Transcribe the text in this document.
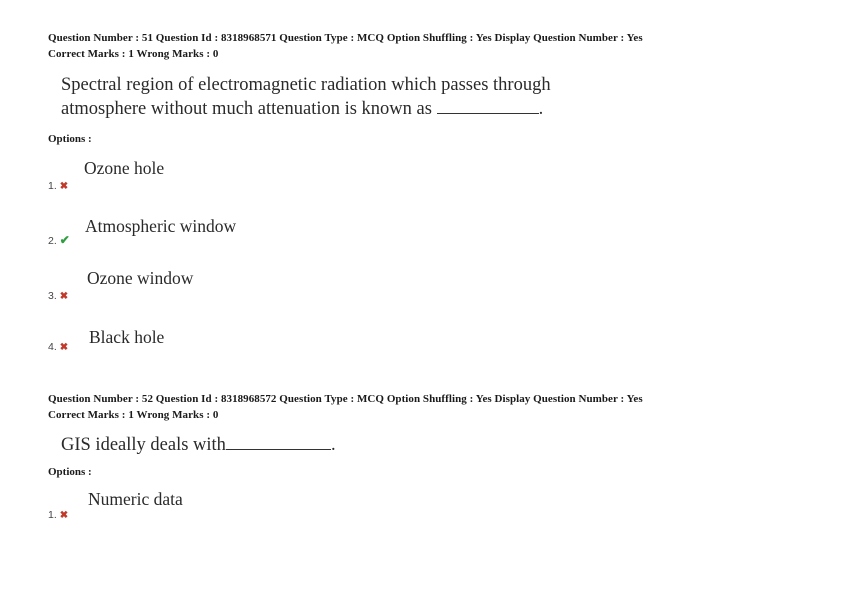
Question Number : 51 Question Id : 8318968571 Question Type : MCQ Option Shuffling : Yes Display Question Number : Yes
Correct Marks : 1 Wrong Marks : 0
Spectral region of electromagnetic radiation which passes through
atmosphere without much attenuation is known as	.
Options :
Ozone hole
1. ✖
Atmospheric window
2. ✔
Ozone window
3. ✖
Black hole
4. ✖
Question Number : 52 Question Id : 8318968572 Question Type : MCQ Option Shuffling : Yes Display Question Number : Yes
Correct Marks : 1 Wrong Marks : 0
GIS ideally deals with	.
Options :
Numeric data
1. ✖
